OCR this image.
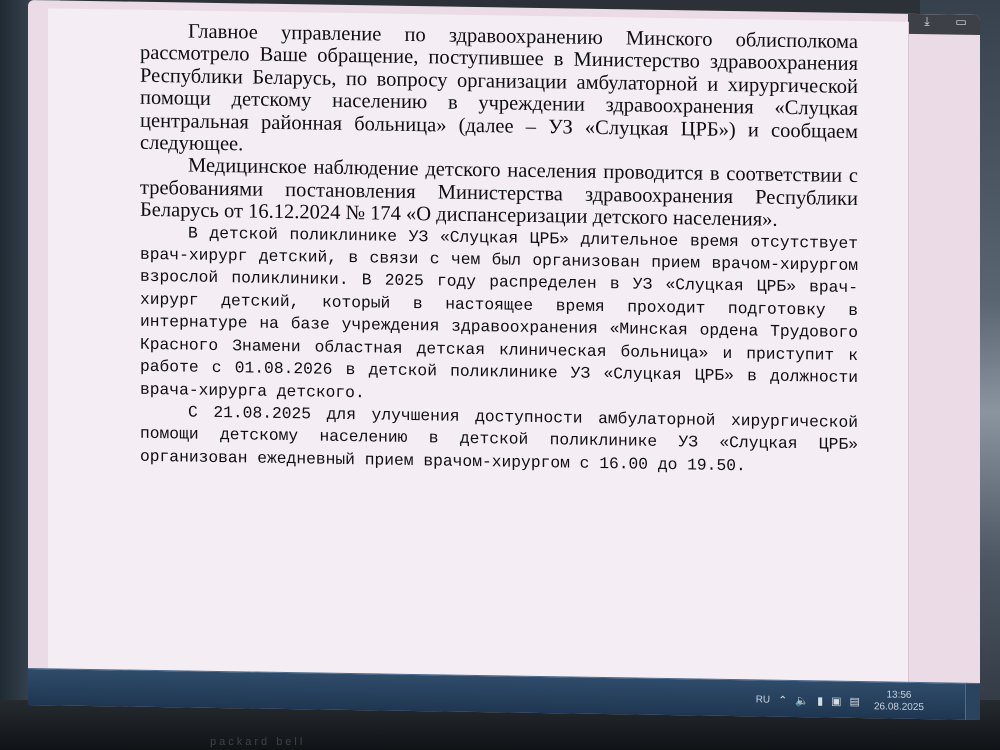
packard bell
⤓	▭

Главное управление по здравоохранению Минского облисполкома рассмотрело Ваше обращение, поступившее в Министерство здравоохранения Республики Беларусь, по вопросу организации амбулаторной и хирургической помощи детскому населению в учреждении здравоохранения «Слуцкая центральная районная больница» (далее – УЗ «Слуцкая ЦРБ») и сообщаем следующее.

Медицинское наблюдение детского населения проводится в соответствии с требованиями постановления Министерства здравоохранения Республики Беларусь от 16.12.2024 № 174 «О диспансеризации детского населения».

В детской поликлинике УЗ «Слуцкая ЦРБ» длительное время отсутствует врач-хирург детский, в связи с чем был организован прием врачом-хирургом взрослой поликлиники. В 2025 году распределен в УЗ «Слуцкая ЦРБ» врач-хирург детский, который в настоящее время проходит подготовку в интернатуре на базе учреждения здравоохранения «Минская ордена Трудового Красного Знамени областная детская клиническая больница» и приступит к работе с 01.08.2026 в детской поликлинике УЗ «Слуцкая ЦРБ» в должности врача-хирурга детского.

С 21.08.2025 для улучшения доступности амбулаторной хирургической помощи детскому населению в детской поликлинике УЗ «Слуцкая ЦРБ» организован ежедневный прием врачом-хирургом с 16.00 до 19.50.

RU ⌃ 🔈 ▮ ▣ ▤	13:56
26.08.2025
